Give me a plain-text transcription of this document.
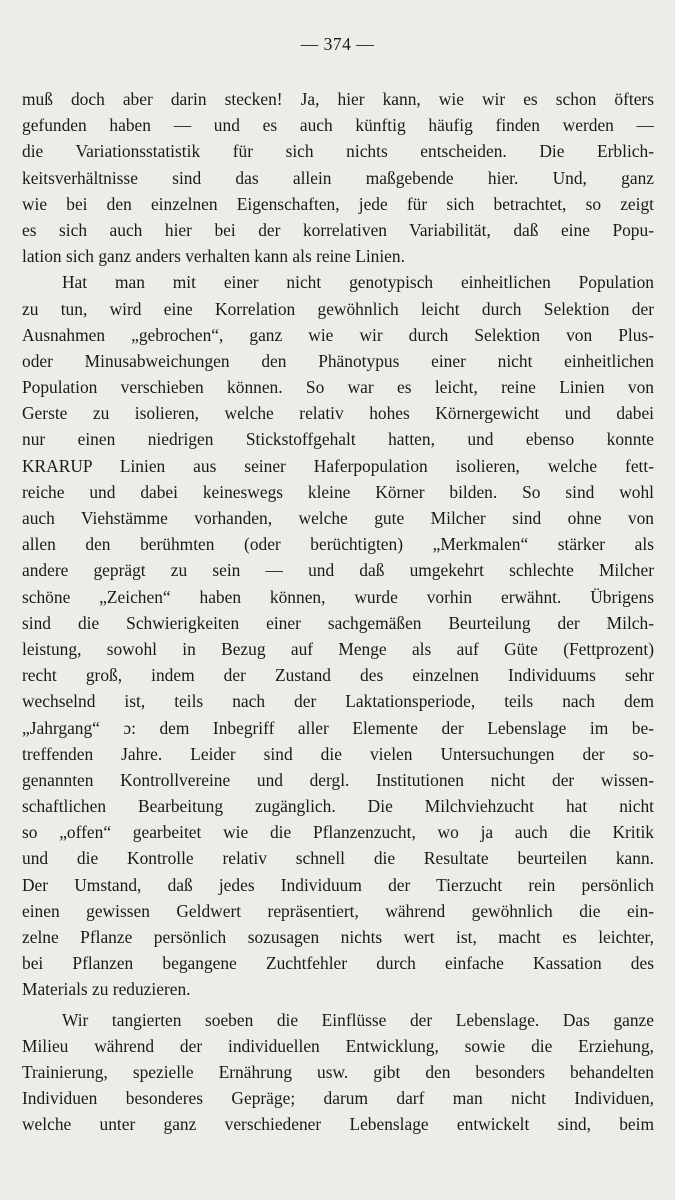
— 374 —
muß doch aber darin stecken! Ja, hier kann, wie wir es schon öfters
gefunden haben — und es auch künftig häufig finden werden —
die Variationsstatistik für sich nichts entscheiden. Die Erblich-
keitsverhältnisse sind das allein maßgebende hier. Und, ganz
wie bei den einzelnen Eigenschaften, jede für sich betrachtet, so zeigt
es sich auch hier bei der korrelativen Variabilität, daß eine Popu-
lation sich ganz anders verhalten kann als reine Linien.
Hat man mit einer nicht genotypisch einheitlichen Population
zu tun, wird eine Korrelation gewöhnlich leicht durch Selektion der
Ausnahmen „gebrochen“, ganz wie wir durch Selektion von Plus-
oder Minusabweichungen den Phänotypus einer nicht einheitlichen
Population verschieben können. So war es leicht, reine Linien von
Gerste zu isolieren, welche relativ hohes Körnergewicht und dabei
nur einen niedrigen Stickstoffgehalt hatten, und ebenso konnte
KRARUP Linien aus seiner Haferpopulation isolieren, welche fett-
reiche und dabei keineswegs kleine Körner bilden. So sind wohl
auch Viehstämme vorhanden, welche gute Milcher sind ohne von
allen den berühmten (oder berüchtigten) „Merkmalen“ stärker als
andere geprägt zu sein — und daß umgekehrt schlechte Milcher
schöne „Zeichen“ haben können, wurde vorhin erwähnt. Übrigens
sind die Schwierigkeiten einer sachgemäßen Beurteilung der Milch-
leistung, sowohl in Bezug auf Menge als auf Güte (Fettprozent)
recht groß, indem der Zustand des einzelnen Individuums sehr
wechselnd ist, teils nach der Laktationsperiode, teils nach dem
„Jahrgang“ ɔ: dem Inbegriff aller Elemente der Lebenslage im be-
treffenden Jahre. Leider sind die vielen Untersuchungen der so-
genannten Kontrollvereine und dergl. Institutionen nicht der wissen-
schaftlichen Bearbeitung zugänglich. Die Milchviehzucht hat nicht
so „offen“ gearbeitet wie die Pflanzenzucht, wo ja auch die Kritik
und die Kontrolle relativ schnell die Resultate beurteilen kann.
Der Umstand, daß jedes Individuum der Tierzucht rein persönlich
einen gewissen Geldwert repräsentiert, während gewöhnlich die ein-
zelne Pflanze persönlich sozusagen nichts wert ist, macht es leichter,
bei Pflanzen begangene Zuchtfehler durch einfache Kassation des
Materials zu reduzieren.
Wir tangierten soeben die Einflüsse der Lebenslage. Das ganze
Milieu während der individuellen Entwicklung, sowie die Erziehung,
Trainierung, spezielle Ernährung usw. gibt den besonders behandelten
Individuen besonderes Gepräge; darum darf man nicht Individuen,
welche unter ganz verschiedener Lebenslage entwickelt sind, beim
